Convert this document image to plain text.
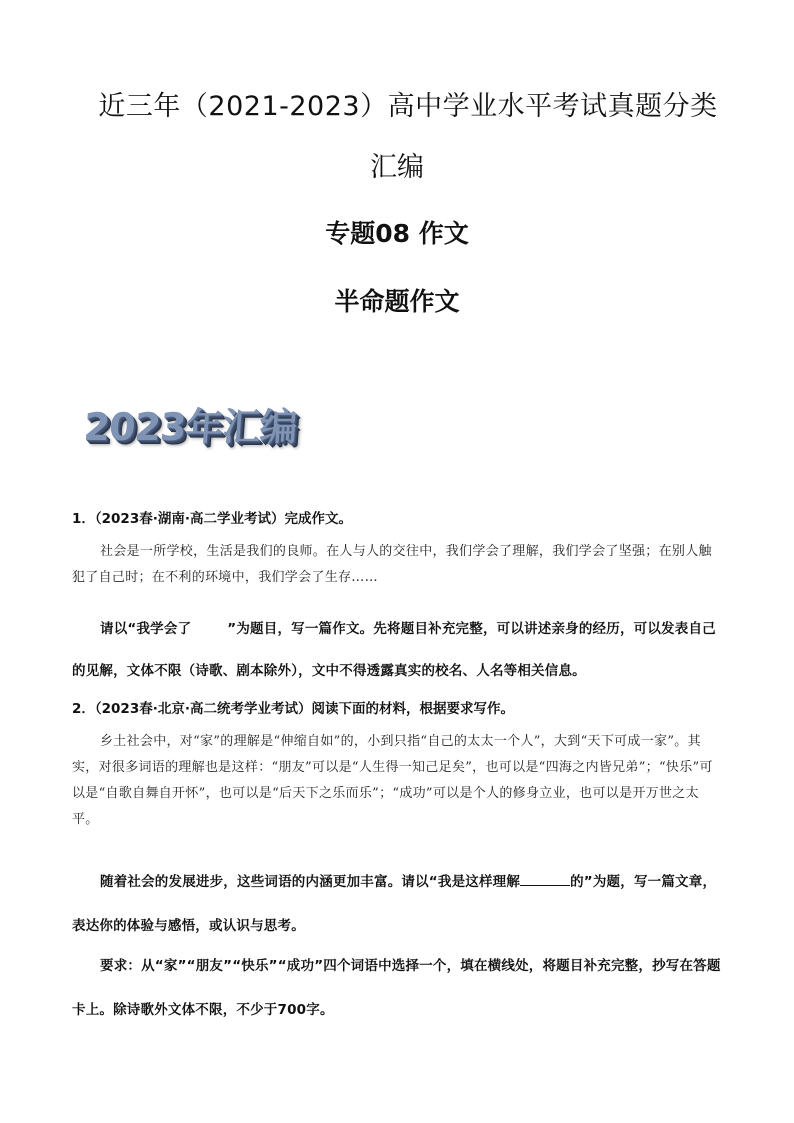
近三年（2021-2023）高中学业水平考试真题分类
汇编
专题08 作文
半命题作文
2023年汇编
1．（2023春·湖南·高二学业考试）完成作文。
社会是一所学校，生活是我们的良师。在人与人的交往中，我们学会了理解，我们学会了坚强；在别人触犯了自己时；在不利的环境中，我们学会了生存……
请以“我学会了	”为题目，写一篇作文。先将题目补充完整，可以讲述亲身的经历，可以发表自己的见解，文体不限（诗歌、剧本除外），文中不得透露真实的校名、人名等相关信息。
2．（2023春·北京·高二统考学业考试）阅读下面的材料，根据要求写作。
乡土社会中，对“家”的理解是“伸缩自如”的，小到只指“自己的太太一个人”，大到“天下可成一家”。其实，对很多词语的理解也是这样：“朋友”可以是“人生得一知己足矣”，也可以是“四海之内皆兄弟”；“快乐”可以是“自歌自舞自开怀”，也可以是“后天下之乐而乐”；“成功”可以是个人的修身立业，也可以是开万世之太平。
随着社会的发展进步，这些词语的内涵更加丰富。请以“我是这样理解	的”为题，写一篇文章，表达你的体验与感悟，或认识与思考。
要求：从“家”“朋友”“快乐”“成功”四个词语中选择一个，填在横线处，将题目补充完整，抄写在答题卡上。除诗歌外文体不限，不少于700字。
